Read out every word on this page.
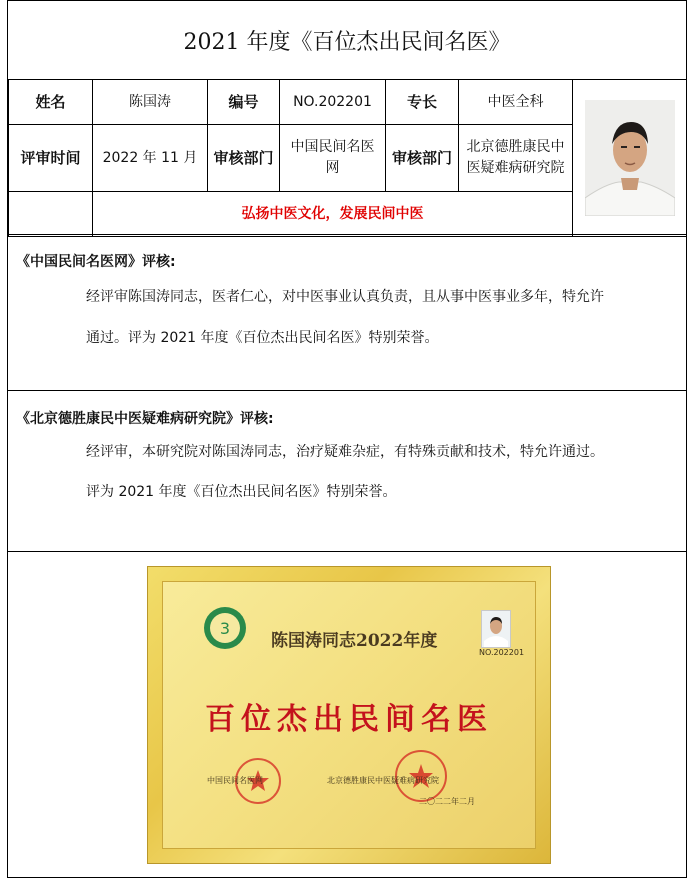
2021 年度《百位杰出民间名医》
姓名	陈国涛	编号	NO.202201	专长	中医全科	

评审时间	2022 年 11 月	审核部门	中国民间名医网	审核部门	北京德胜康民中医疑难病研究院	
	弘扬中医文化，发展民间中医					
《中国民间名医网》评核:
经评审陈国涛同志，医者仁心，对中医事业认真负责，且从事中医事业多年，特允许
通过。评为 2021 年度《百位杰出民间名医》特别荣誉。
《北京德胜康民中医疑难病研究院》评核:
经评审，本研究院对陈国涛同志，治疗疑难杂症，有特殊贡献和技术，特允许通过。
评为 2021 年度《百位杰出民间名医》特别荣誉。
3
陈国涛同志2022年度
NO.202201
百位杰出民间名医
中国民间名医网	北京德胜康民中医疑难病研究院
二〇二二年二月
